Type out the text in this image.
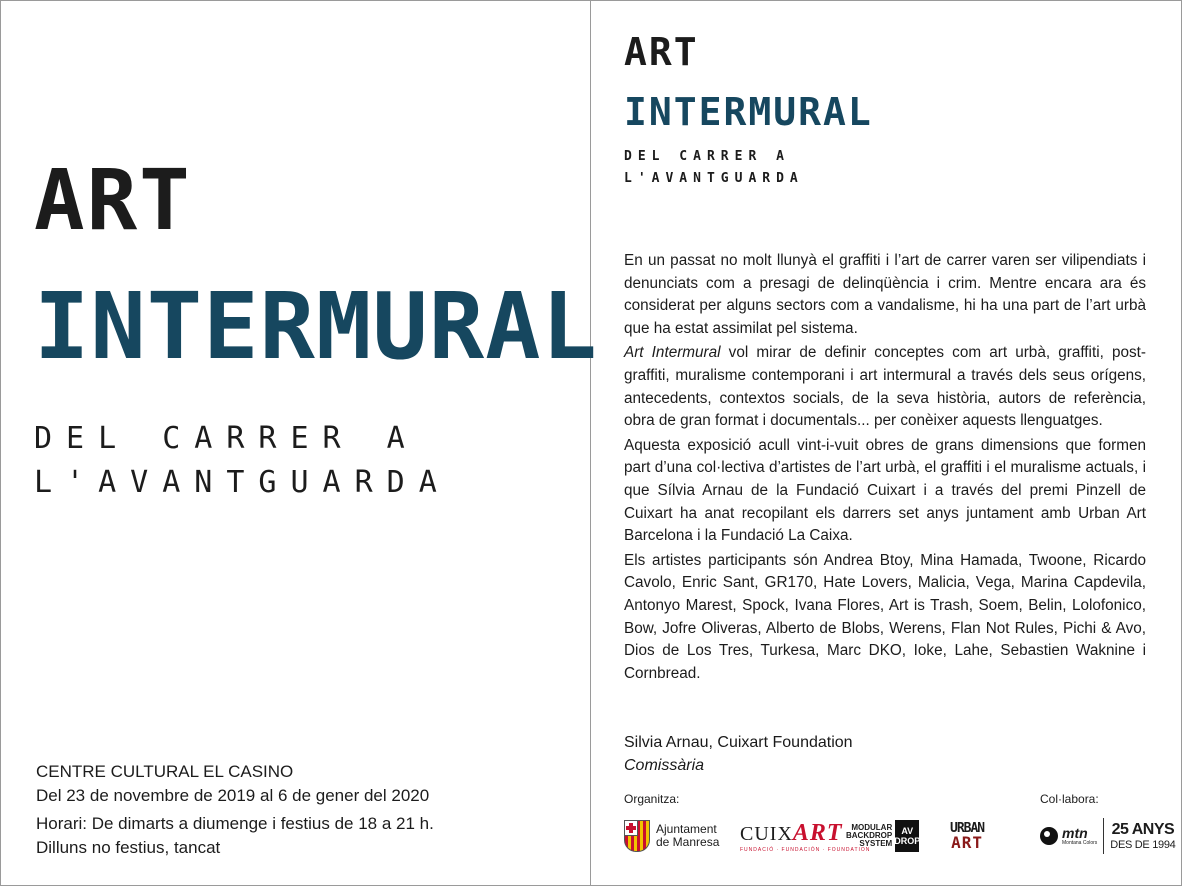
ART
INTERMURAL
DEL CARRER A
L'AVANTGUARDA
CENTRE CULTURAL EL CASINO
Del 23 de novembre de 2019 al 6 de gener del 2020
Horari: De dimarts a diumenge i festius de 18 a 21 h.
Dilluns no festius, tancat
ART
INTERMURAL
DEL CARRER A
L'AVANTGUARDA

En un passat no molt llunyà el graffiti i l’art de carrer varen ser vilipendiats i denunciats com a presagi de delinqüència i crim. Mentre encara ara és considerat per alguns sectors com a vandalisme, hi ha una part de l’art urbà que ha estat assimilat pel sistema.

Art Intermural vol mirar de definir conceptes com art urbà, graffiti, post-graffiti, muralisme contemporani i art intermural a través dels seus orígens, antecedents, contextos socials, de la seva història, autors de referència, obra de gran format i documentals... per conèixer aquests llenguatges.

Aquesta exposició acull vint-i-vuit obres de grans dimensions que formen part d’una col·lectiva d’artistes de l’art urbà, el graffiti i el muralisme actuals, i que Sílvia Arnau de la Fundació Cuixart i a través del premi Pinzell de Cuixart ha anat recopilant els darrers set anys juntament amb Urban Art Barcelona i la Fundació La Caixa.

Els artistes participants són Andrea Btoy, Mina Hamada, Twoone, Ricardo Cavolo, Enric Sant, GR170, Hate Lovers, Malicia, Vega, Marina Capdevila, Antonyo Marest, Spock, Ivana Flores, Art is Trash, Soem, Belin, Lolofonico, Bow, Jofre Oliveras, Alberto de Blobs, Werens, Flan Not Rules, Pichi & Avo, Dios de Los Tres, Turkesa, Marc DKO, Ioke, Lahe, Sebastien Waknine i Cornbread.

Silvia Arnau, Cuixart Foundation
Comissària
Organitza:	Col·labora:
Ajuntament
de Manresa CUIXART
FUNDACIÓ · FUNDACIÓN · FOUNDATION
MODULAR
BACKDROP
SYSTEM
AV
DROP
URBAN
ART	mtn
Montana Colors
25 ANYS
DES DE 1994
